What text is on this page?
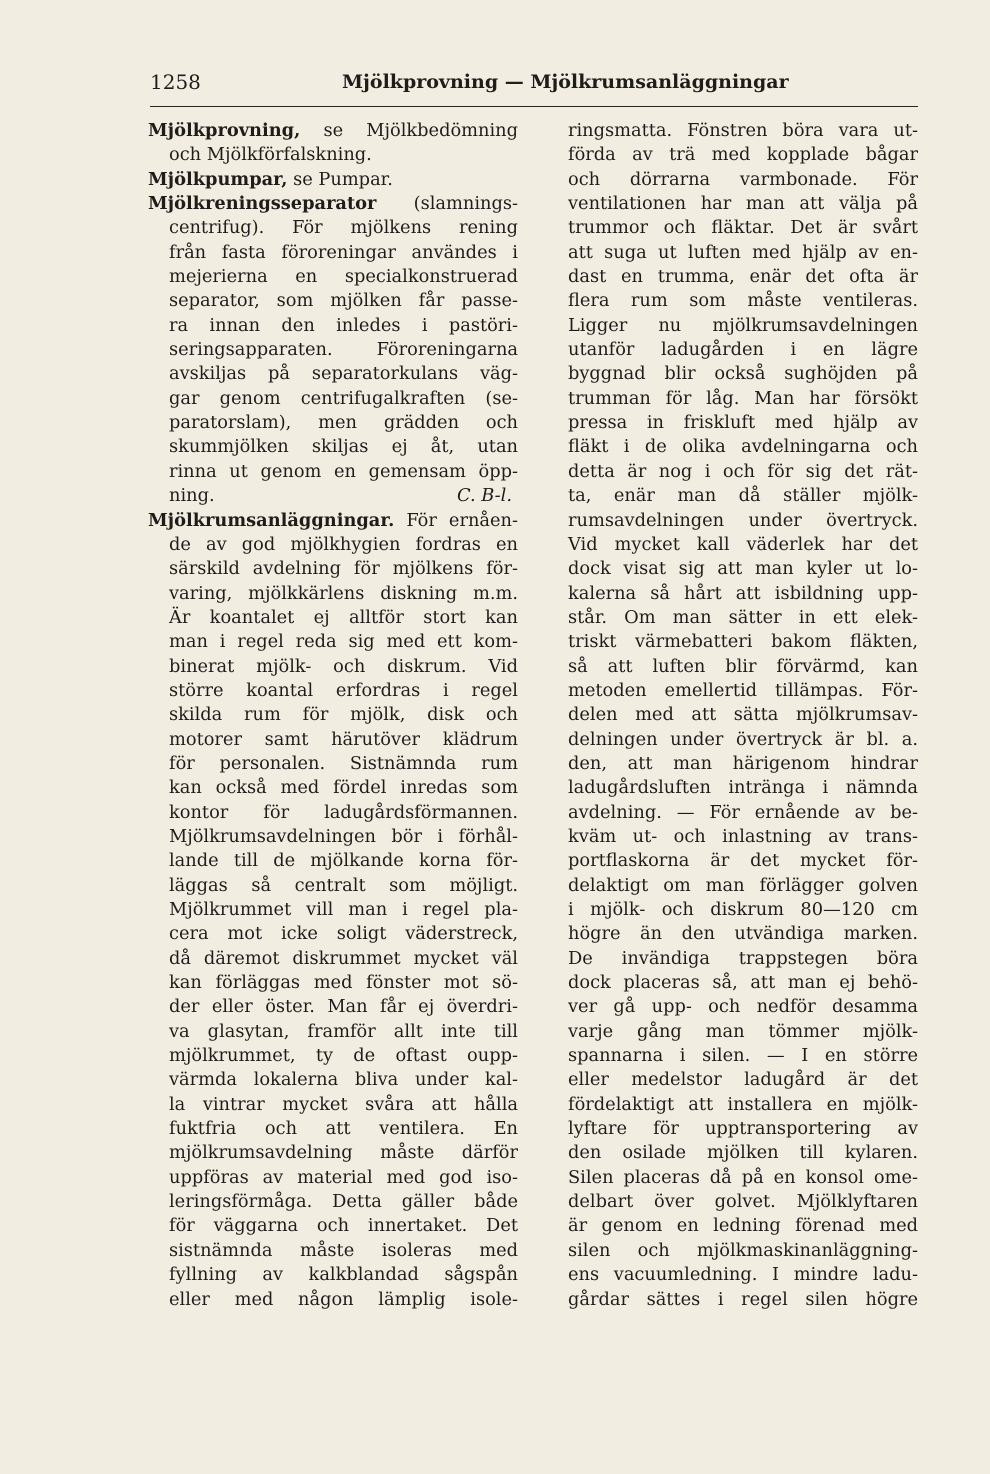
1258	Mjölkprovning — Mjölkrumsanläggningar
Mjölkprovning, se Mjölkbedömning
och Mjölkförfalskning.
Mjölkpumpar, se Pumpar.
Mjölkreningsseparator (slamnings-
centrifug). För mjölkens rening
från fasta föroreningar användes i
mejerierna en specialkonstruerad
separator, som mjölken får passe-
ra innan den inledes i pastöri-
seringsapparaten. Föroreningarna
avskiljas på separatorkulans väg-
gar genom centrifugalkraften (se-
paratorslam), men grädden och
skummjölken skiljas ej åt, utan
rinna ut genom en gemensam öpp-
ning.	C. B-l.
Mjölkrumsanläggningar. För ernåen-
de av god mjölkhygien fordras en
särskild avdelning för mjölkens för-
varing, mjölkkärlens diskning m.m.
Är koantalet ej alltför stort kan
man i regel reda sig med ett kom-
binerat mjölk- och diskrum. Vid
större koantal erfordras i regel
skilda rum för mjölk, disk och
motorer samt härutöver klädrum
för personalen. Sistnämnda rum
kan också med fördel inredas som
kontor för ladugårdsförmannen.
Mjölkrumsavdelningen bör i förhål-
lande till de mjölkande korna för-
läggas så centralt som möjligt.
Mjölkrummet vill man i regel pla-
cera mot icke soligt väderstreck,
då däremot diskrummet mycket väl
kan förläggas med fönster mot sö-
der eller öster. Man får ej överdri-
va glasytan, framför allt inte till
mjölkrummet, ty de oftast oupp-
värmda lokalerna bliva under kal-
la vintrar mycket svåra att hålla
fuktfria och att ventilera. En
mjölkrumsavdelning måste därför
uppföras av material med god iso-
leringsförmåga. Detta gäller både
för väggarna och innertaket. Det
sistnämnda måste isoleras med
fyllning av kalkblandad sågspån
eller med någon lämplig isole-
ringsmatta. Fönstren böra vara ut-
förda av trä med kopplade bågar
och dörrarna varmbonade. För
ventilationen har man att välja på
trummor och fläktar. Det är svårt
att suga ut luften med hjälp av en-
dast en trumma, enär det ofta är
flera rum som måste ventileras.
Ligger nu mjölkrumsavdelningen
utanför ladugården i en lägre
byggnad blir också sughöjden på
trumman för låg. Man har försökt
pressa in friskluft med hjälp av
fläkt i de olika avdelningarna och
detta är nog i och för sig det rät-
ta, enär man då ställer mjölk-
rumsavdelningen under övertryck.
Vid mycket kall väderlek har det
dock visat sig att man kyler ut lo-
kalerna så hårt att isbildning upp-
står. Om man sätter in ett elek-
triskt värmebatteri bakom fläkten,
så att luften blir förvärmd, kan
metoden emellertid tillämpas. För-
delen med att sätta mjölkrumsav-
delningen under övertryck är bl. a.
den, att man härigenom hindrar
ladugårdsluften intränga i nämnda
avdelning. — För ernående av be-
kväm ut- och inlastning av trans-
portflaskorna är det mycket för-
delaktigt om man förlägger golven
i mjölk- och diskrum 80—120 cm
högre än den utvändiga marken.
De invändiga trappstegen böra
dock placeras så, att man ej behö-
ver gå upp- och nedför desamma
varje gång man tömmer mjölk-
spannarna i silen. — I en större
eller medelstor ladugård är det
fördelaktigt att installera en mjölk-
lyftare för upptransportering av
den osilade mjölken till kylaren.
Silen placeras då på en konsol ome-
delbart över golvet. Mjölklyftaren
är genom en ledning förenad med
silen och mjölkmaskinanläggning-
ens vacuumledning. I mindre ladu-
gårdar sättes i regel silen högre
